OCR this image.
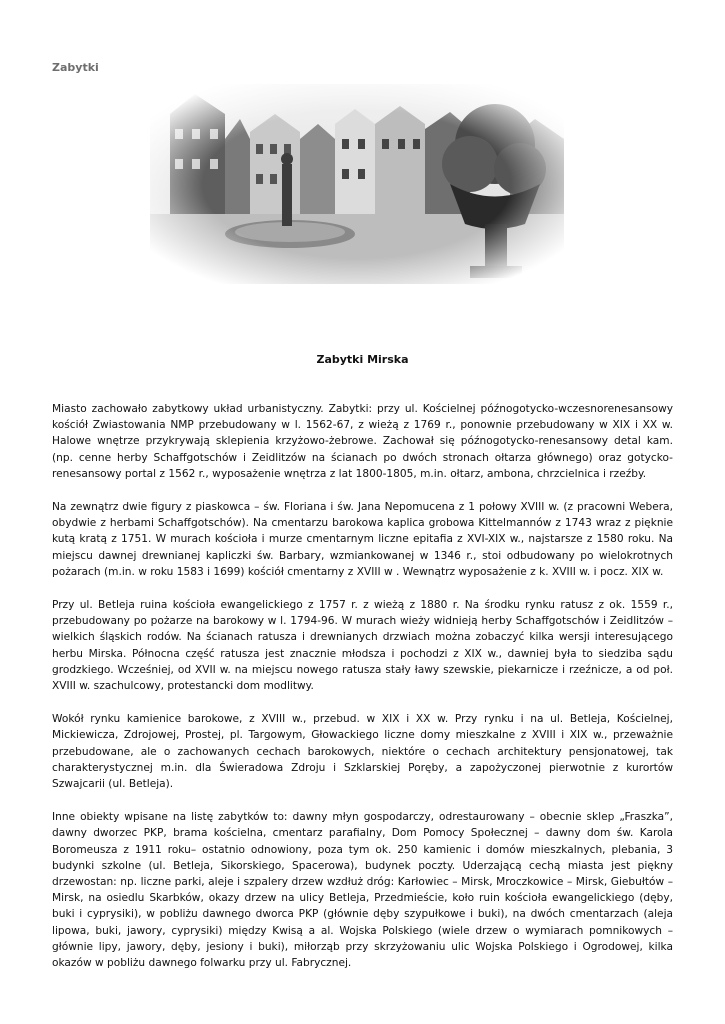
Zabytki
Zabytki Mirska

Miasto zachowało zabytkowy układ urbanistyczny. Zabytki: przy ul. Kościelnej późnogotycko-wczesnorenesansowy kościół Zwiastowania NMP przebudowany w l. 1562-67, z wieżą z 1769 r., ponownie przebudowany w XIX i XX w. Halowe wnętrze przykrywają sklepienia krzyżowo-żebrowe. Zachował się późnogotycko-renesansowy detal kam. (np. cenne herby Schaffgotschów i Zeidlitzów na ścianach po dwóch stronach ołtarza głównego) oraz gotycko-renesansowy portal z 1562 r., wyposażenie wnętrza z lat 1800-1805, m.in. ołtarz, ambona, chrzcielnica i rzeźby.

Na zewnątrz dwie figury z piaskowca – św. Floriana i św. Jana Nepomucena z 1 połowy XVIII w. (z pracowni Webera, obydwie z herbami Schaffgotschów). Na cmentarzu barokowa kaplica grobowa Kittelmannów z 1743 wraz z pięknie kutą kratą z 1751. W murach kościoła i murze cmentarnym liczne epitafia z XVI-XIX w., najstarsze z 1580 roku. Na miejscu dawnej drewnianej kapliczki św. Barbary, wzmiankowanej w 1346 r., stoi odbudowany po wielokrotnych pożarach (m.in. w roku 1583 i 1699) kościół cmentarny z XVIII w . Wewnątrz wyposażenie z k. XVIII w. i pocz. XIX w.

Przy ul. Betleja ruina kościoła ewangelickiego z 1757 r. z wieżą z 1880 r. Na środku rynku ratusz z ok. 1559 r., przebudowany po pożarze na barokowy w l. 1794-96. W murach wieży widnieją herby Schaffgotschów i Zeidlitzów – wielkich śląskich rodów. Na ścianach ratusza i drewnianych drzwiach można zobaczyć kilka wersji interesującego herbu Mirska. Północna część ratusza jest znacznie młodsza i pochodzi z XIX w., dawniej była to siedziba sądu grodzkiego. Wcześniej, od XVII w. na miejscu nowego ratusza stały ławy szewskie, piekarnicze i rzeźnicze, a od poł. XVIII w. szachulcowy, protestancki dom modlitwy.

Wokół rynku kamienice barokowe, z XVIII w., przebud. w XIX i XX w. Przy rynku i na ul. Betleja, Kościelnej, Mickiewicza, Zdrojowej, Prostej, pl. Targowym, Głowackiego liczne domy mieszkalne z XVIII i XIX w., przeważnie przebudowane, ale o zachowanych cechach barokowych, niektóre o cechach architektury pensjonatowej, tak charakterystycznej m.in. dla Świeradowa Zdroju i Szklarskiej Poręby, a zapożyczonej pierwotnie z kurortów Szwajcarii (ul. Betleja).

Inne obiekty wpisane na listę zabytków to: dawny młyn gospodarczy, odrestaurowany – obecnie sklep „Fraszka”, dawny dworzec PKP, brama kościelna, cmentarz parafialny, Dom Pomocy Społecznej – dawny dom św. Karola Boromeusza z 1911 roku– ostatnio odnowiony, poza tym ok. 250 kamienic i domów mieszkalnych, plebania, 3 budynki szkolne (ul. Betleja, Sikorskiego, Spacerowa), budynek poczty. Uderzającą cechą miasta jest piękny drzewostan: np. liczne parki, aleje i szpalery drzew wzdłuż dróg: Karłowiec – Mirsk, Mroczkowice – Mirsk, Giebułtów – Mirsk, na osiedlu Skarbków, okazy drzew na ulicy Betleja, Przedmieście, koło ruin kościoła ewangelickiego (dęby, buki i cyprysiki), w pobliżu dawnego dworca PKP (głównie dęby szypułkowe i buki), na dwóch cmentarzach (aleja lipowa, buki, jawory, cyprysiki) między Kwisą a al. Wojska Polskiego (wiele drzew o wymiarach pomnikowych – głównie lipy, jawory, dęby, jesiony i buki), miłorząb przy skrzyżowaniu ulic Wojska Polskiego i Ogrodowej, kilka okazów w pobliżu dawnego folwarku przy ul. Fabrycznej.
